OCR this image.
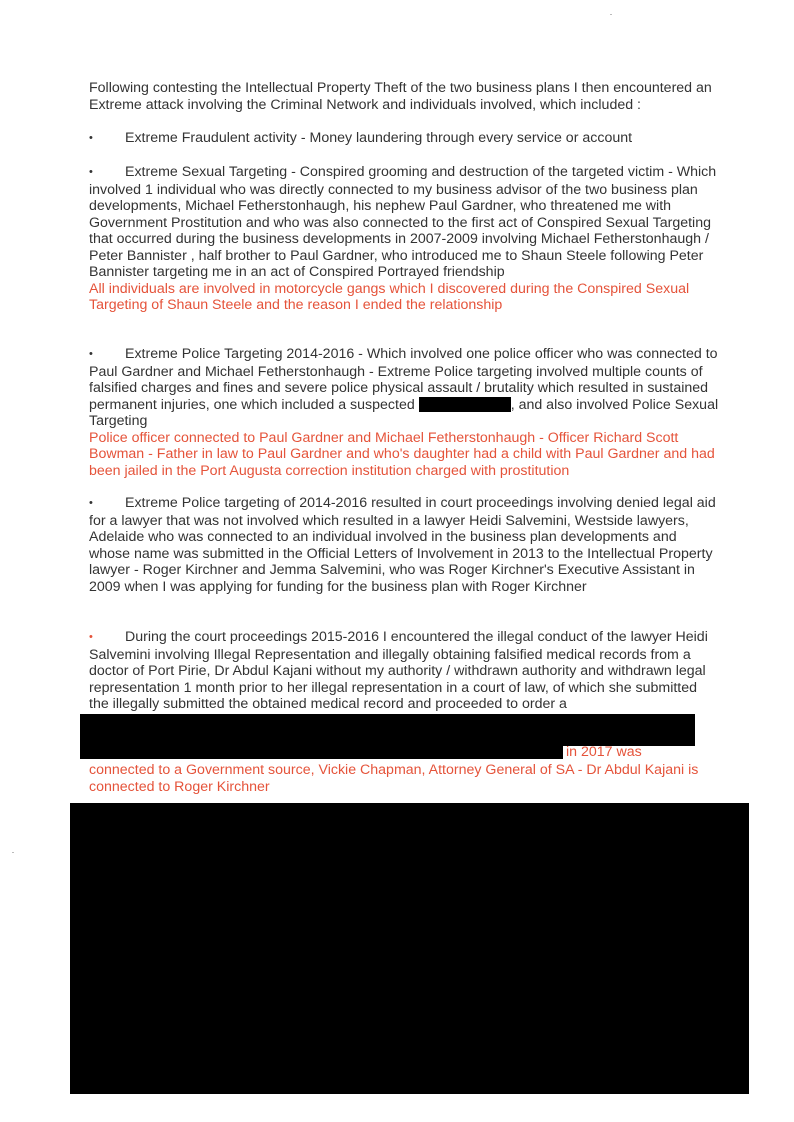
Following contesting the Intellectual Property Theft of the two business plans I then encountered an Extreme attack involving the Criminal Network and individuals involved, which included :

•Extreme Fraudulent activity - Money laundering through every service or account

•Extreme Sexual Targeting - Conspired grooming and destruction of the targeted victim - Which involved 1 individual who was directly connected to my business advisor of the two business plan developments, Michael Fetherstonhaugh, his nephew Paul Gardner, who threatened me with Government Prostitution and who was also connected to the first act of Conspired Sexual Targeting that occurred during the business developments in 2007-2009 involving Michael Fetherstonhaugh / Peter Bannister , half brother to Paul Gardner, who introduced me to Shaun Steele following Peter Bannister targeting me in an act of Conspired Portrayed friendship
All individuals are involved in motorcycle gangs which I discovered during the Conspired Sexual Targeting of Shaun Steele and the reason I ended the relationship

•Extreme Police Targeting 2014-2016 - Which involved one police officer who was connected to Paul Gardner and Michael Fetherstonhaugh - Extreme Police targeting involved multiple counts of falsified charges and fines and severe police physical assault / brutality which resulted in sustained permanent injuries, one which included a suspected	, and also involved Police Sexual Targeting
Police officer connected to Paul Gardner and Michael Fetherstonhaugh - Officer Richard Scott Bowman - Father in law to Paul Gardner and who's daughter had a child with Paul Gardner and had been jailed in the Port Augusta correction institution charged with prostitution

•Extreme Police targeting of 2014-2016 resulted in court proceedings involving denied legal aid for a lawyer that was not involved which resulted in a lawyer Heidi Salvemini, Westside lawyers, Adelaide who was connected to an individual involved in the business plan developments and whose name was submitted in the Official Letters of Involvement in 2013 to the Intellectual Property lawyer - Roger Kirchner and Jemma Salvemini, who was Roger Kirchner's Executive Assistant in 2009 when I was applying for funding for the business plan with Roger Kirchner

•During the court proceedings 2015-2016 I encountered the illegal conduct of the lawyer Heidi Salvemini involving Illegal Representation and illegally obtaining falsified medical records from a doctor of Port Pirie, Dr Abdul Kajani without my authority / withdrawn authority and withdrawn legal representation 1 month prior to her illegal representation in a court of law, of which she submitted the illegally submitted the obtained medical record and proceeded to order a

in 2017 was

connected to a Government source, Vickie Chapman, Attorney General of SA - Dr Abdul Kajani is connected to Roger Kirchner
